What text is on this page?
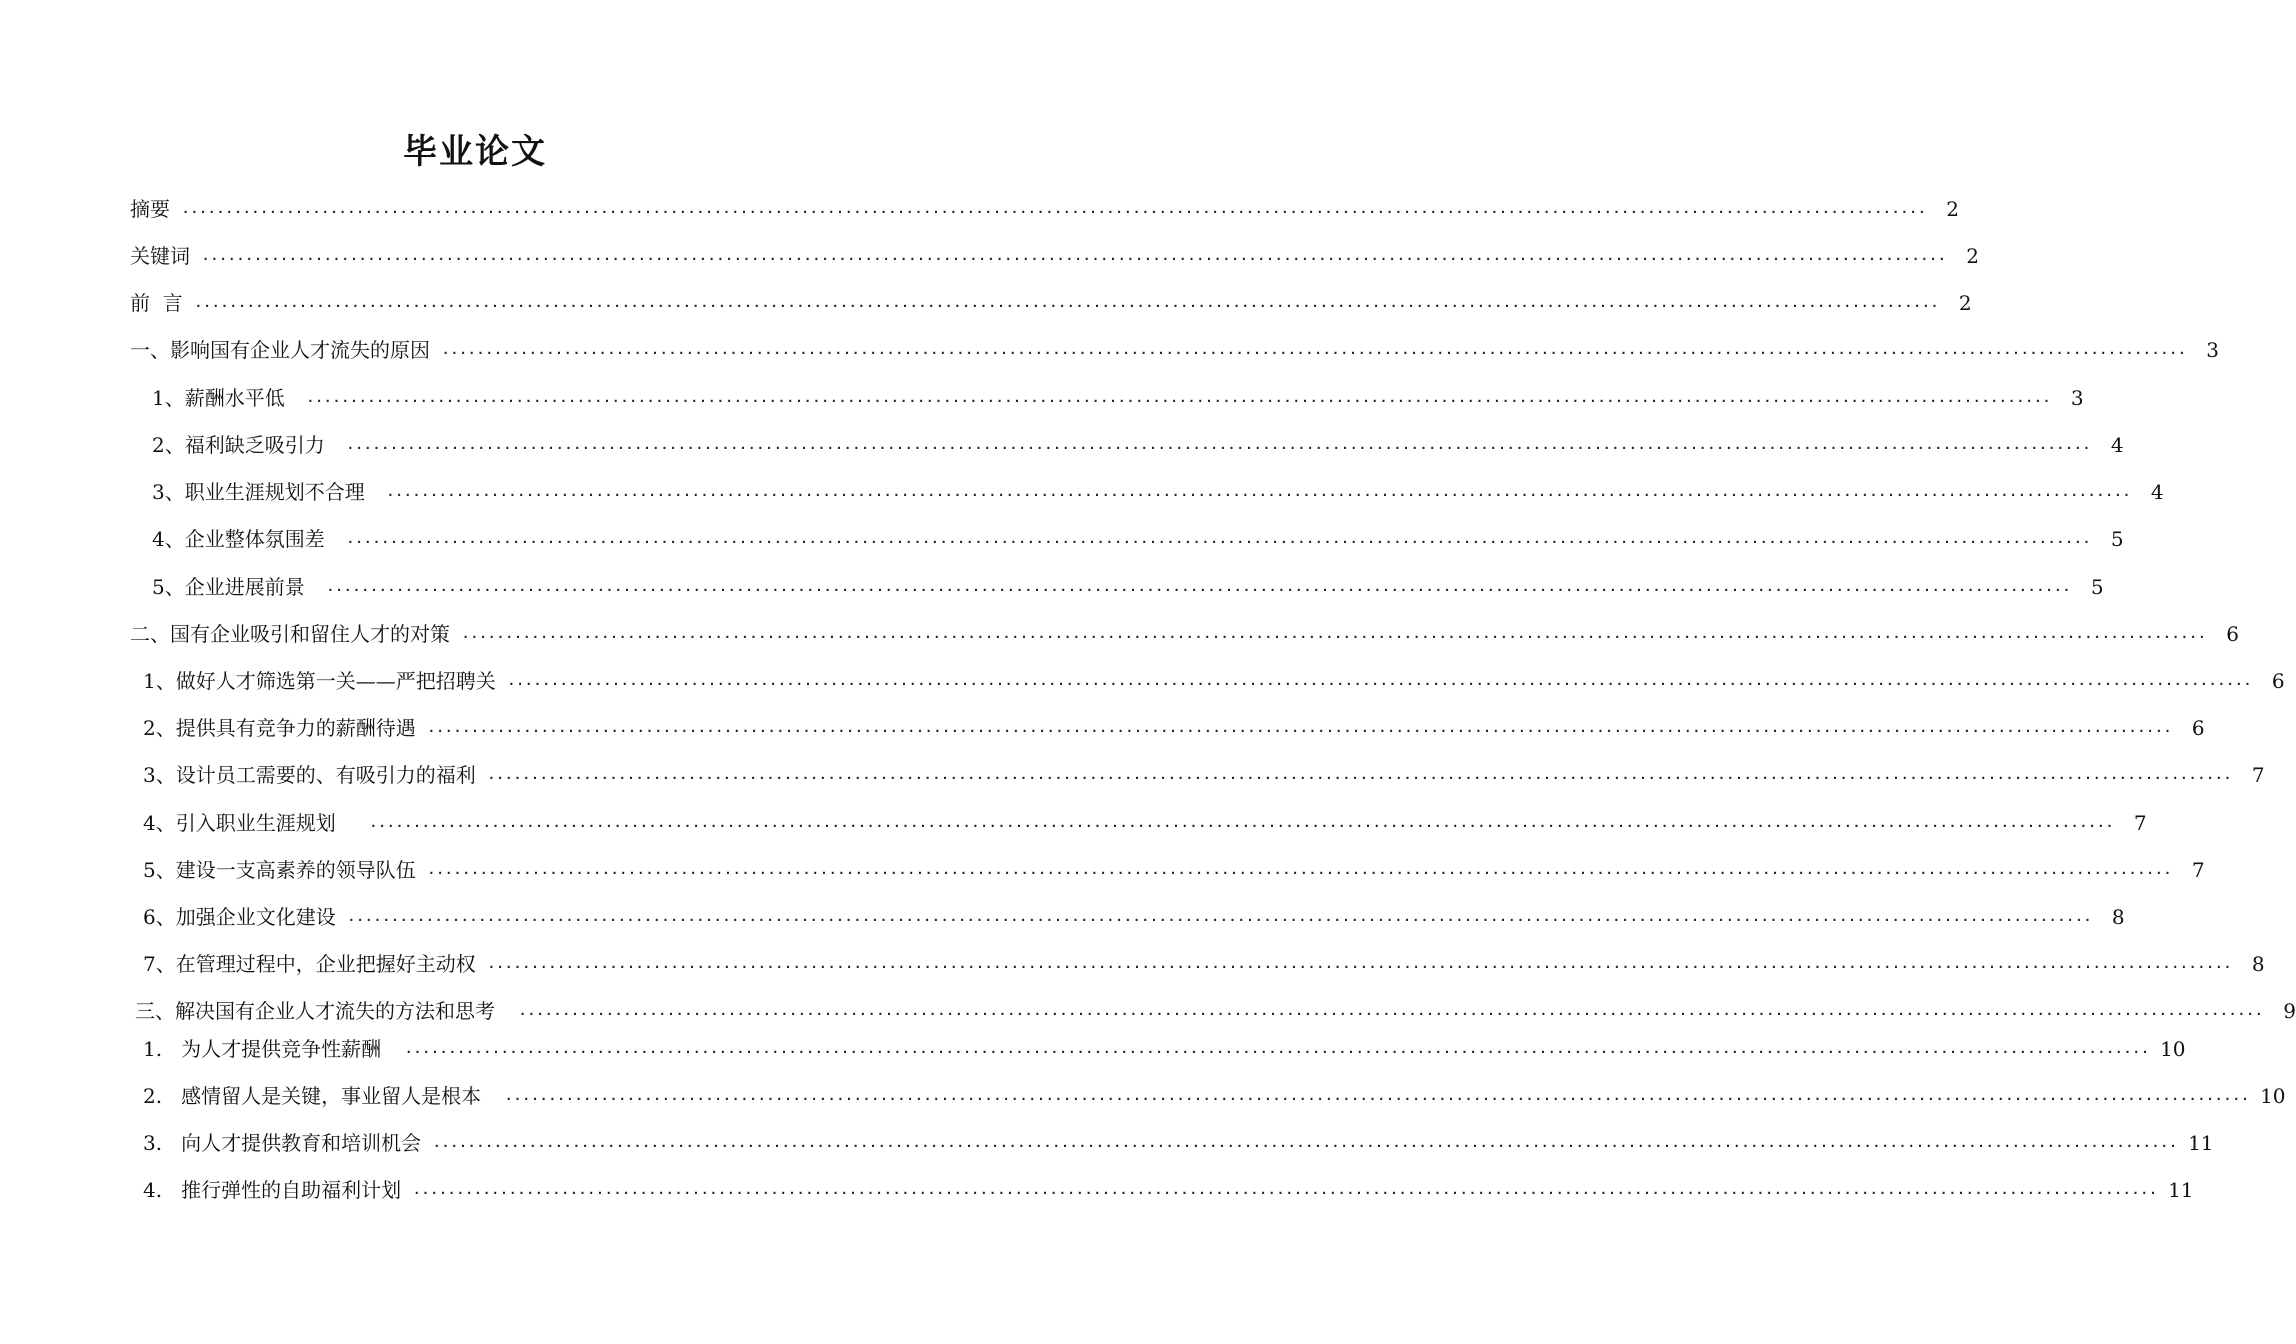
毕业论文
摘要 ········································································································································································································ 2
关键词 ········································································································································································································ 2
前  言 ········································································································································································································ 2
一、影响国有企业人才流失的原因 ········································································································································································································ 3
1、薪酬水平低 ········································································································································································································ 3
2、福利缺乏吸引力 ········································································································································································································ 4
3、职业生涯规划不合理 ········································································································································································································ 4
4、企业整体氛围差 ········································································································································································································ 5
5、企业进展前景 ········································································································································································································ 5
二、国有企业吸引和留住人才的对策 ········································································································································································································ 6
1、做好人才筛选第一关——严把招聘关 ········································································································································································································ 6
2、提供具有竞争力的薪酬待遇 ········································································································································································································ 6
3、设计员工需要的、有吸引力的福利 ········································································································································································································ 7
4、引入职业生涯规划	········································································································································································································ 7
5、建设一支高素养的领导队伍 ········································································································································································································ 7
6、加强企业文化建设 ········································································································································································································ 8
7、在管理过程中，企业把握好主动权 ········································································································································································································ 8
三、解决国有企业人才流失的方法和思考 ········································································································································································································ 9
1.   为人才提供竞争性薪酬 ········································································································································································································ 10
2.   感情留人是关键，事业留人是根本 ········································································································································································································ 10
3.   向人才提供教育和培训机会 ········································································································································································································ 11
4.   推行弹性的自助福利计划 ········································································································································································································ 11
